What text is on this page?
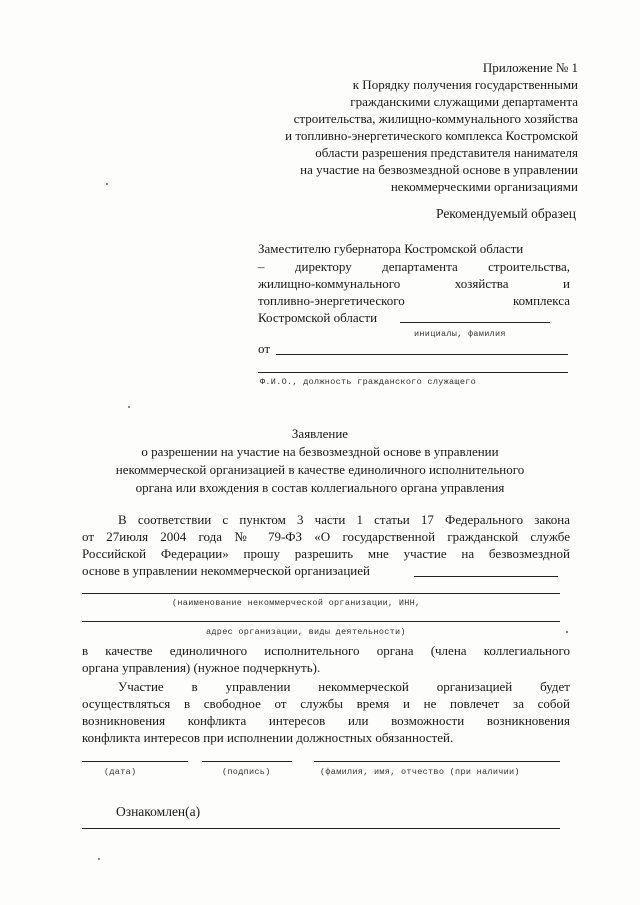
Приложение № 1
к Порядку получения государственными
гражданскими служащими департамента
строительства, жилищно-коммунального хозяйства
и топливно-энергетического комплекса Костромской
области разрешения представителя нанимателя
на участие на безвозмездной основе в управлении
некоммерческими организациями
Рекомендуемый образец
Заместителю губернатора Костромской области
– директору департамента строительства,
жилищно-коммунального хозяйства и
топливно-энергетического комплекса
Костромской области
инициалы, фамилия
от
Ф.И.О., должность гражданского служащего
Заявление
о разрешении на участие на безвозмездной основе в управлении
некоммерческой организацией в качестве единоличного исполнительного
органа или вхождения в состав коллегиального органа управления
В соответствии с пунктом 3 части 1 статьи 17 Федерального закона
от 27июля 2004 года № 79-ФЗ «О государственной гражданской службе
Российской Федерации» прошу разрешить мне участие на безвозмездной
основе в управлении некоммерческой организацией
(наименование некоммерческой организации, ИНН,
адрес организации, виды деятельности)
в качестве единоличного исполнительного органа (члена коллегиального
органа управления) (нужное подчеркнуть).
Участие в управлении некоммерческой организацией будет
осуществляться в свободное от службы время и не повлечет за собой
возникновения конфликта интересов или возможности возникновения
конфликта интересов при исполнении должностных обязанностей.
(дата)	(подпись)	(фамилия, имя, отчество (при наличии)
Ознакомлен(а)
